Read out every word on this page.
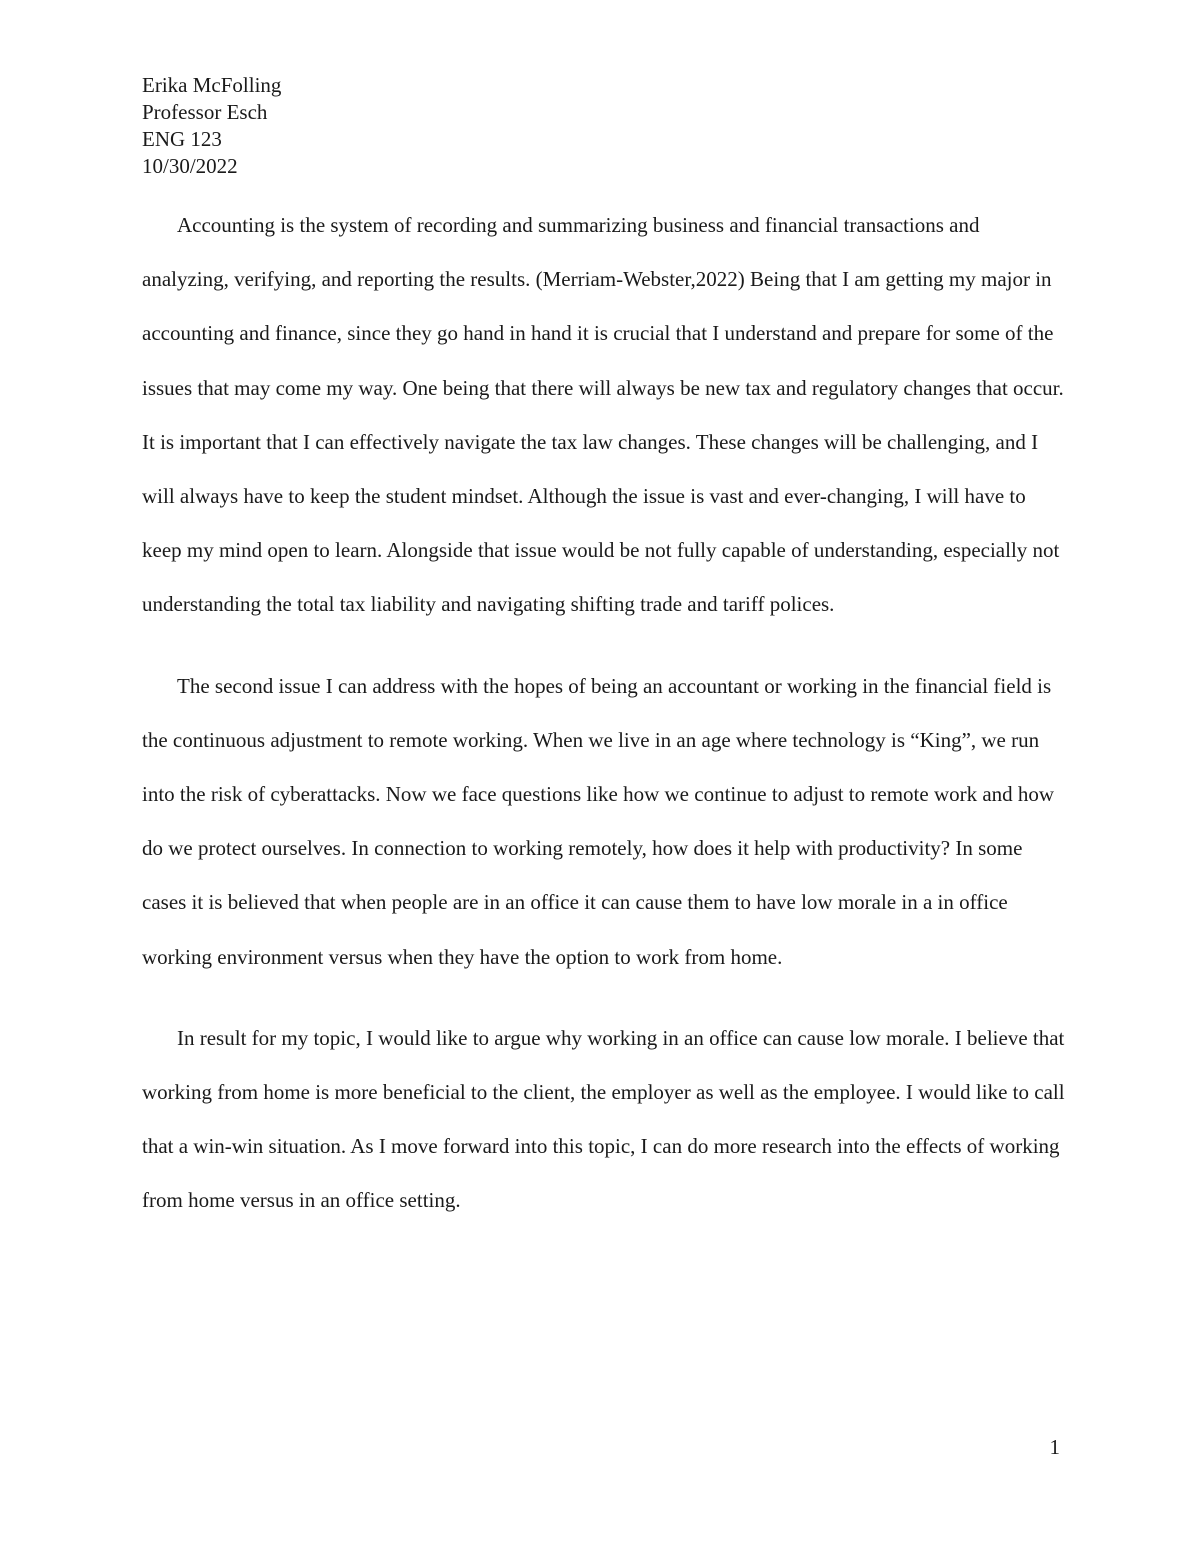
Erika McFolling
Professor Esch
ENG 123
10/30/2022

Accounting is the system of recording and summarizing business and financial transactions and analyzing, verifying, and reporting the results. (Merriam-Webster,2022) Being that I am getting my major in accounting and finance, since they go hand in hand it is crucial that I understand and prepare for some of the issues that may come my way. One being that there will always be new tax and regulatory changes that occur. It is important that I can effectively navigate the tax law changes. These changes will be challenging, and I will always have to keep the student mindset. Although the issue is vast and ever-changing, I will have to keep my mind open to learn. Alongside that issue would be not fully capable of understanding, especially not understanding the total tax liability and navigating shifting trade and tariff polices.

The second issue I can address with the hopes of being an accountant or working in the financial field is the continuous adjustment to remote working. When we live in an age where technology is “King”, we run into the risk of cyberattacks. Now we face questions like how we continue to adjust to remote work and how do we protect ourselves. In connection to working remotely, how does it help with productivity? In some cases it is believed that when people are in an office it can cause them to have low morale in a in office working environment versus when they have the option to work from home.

In result for my topic, I would like to argue why working in an office can cause low morale. I believe that working from home is more beneficial to the client, the employer as well as the employee. I would like to call that a win-win situation. As I move forward into this topic, I can do more research into the effects of working from home versus in an office setting.

1
